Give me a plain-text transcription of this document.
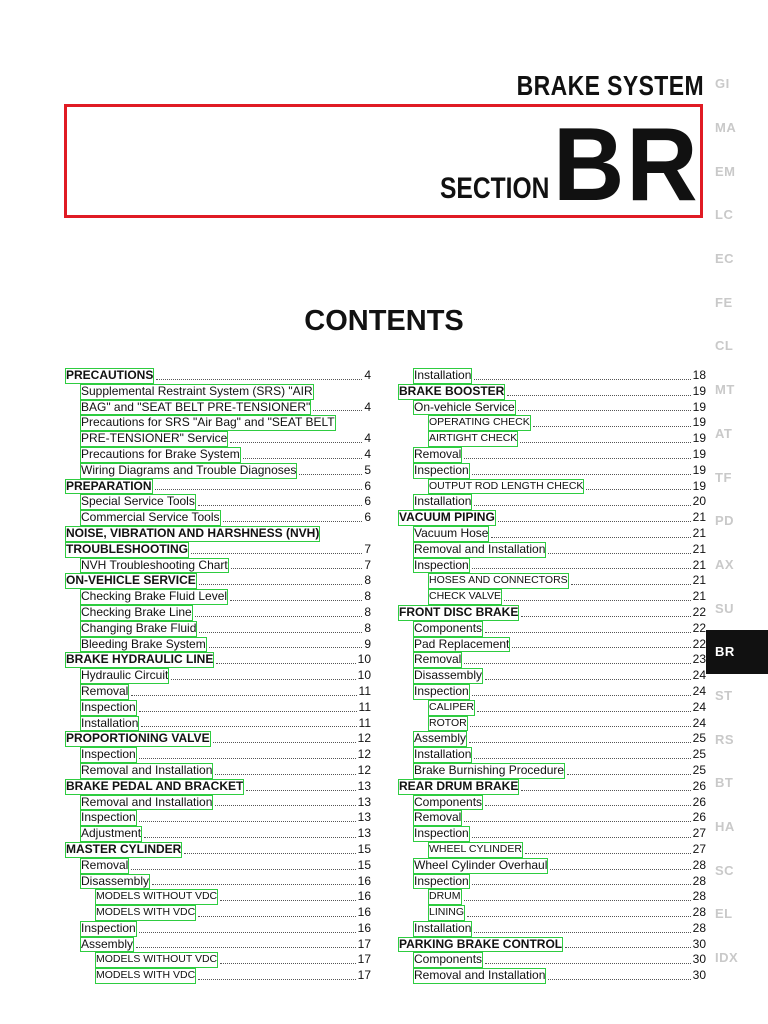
BRAKE SYSTEM
SECTION BR
CONTENTS
PRECAUTIONS	4
Supplemental Restraint System (SRS) "AIR
BAG" and "SEAT BELT PRE-TENSIONER"	4
Precautions for SRS "Air Bag" and "SEAT BELT
PRE-TENSIONER" Service	4
Precautions for Brake System	4
Wiring Diagrams and Trouble Diagnoses	5
PREPARATION	6
Special Service Tools	6
Commercial Service Tools	6
NOISE, VIBRATION AND HARSHNESS (NVH)
TROUBLESHOOTING	7
NVH Troubleshooting Chart	7
ON-VEHICLE SERVICE	8
Checking Brake Fluid Level	8
Checking Brake Line	8
Changing Brake Fluid	8
Bleeding Brake System	9
BRAKE HYDRAULIC LINE	10
Hydraulic Circuit	10
Removal	11
Inspection	11
Installation	11
PROPORTIONING VALVE	12
Inspection	12
Removal and Installation	12
BRAKE PEDAL AND BRACKET	13
Removal and Installation	13
Inspection	13
Adjustment	13
MASTER CYLINDER	15
Removal	15
Disassembly	16
MODELS WITHOUT VDC	16
MODELS WITH VDC	16
Inspection	16
Assembly	17
MODELS WITHOUT VDC	17
MODELS WITH VDC	17
Installation	18
BRAKE BOOSTER	19
On-vehicle Service	19
OPERATING CHECK	19
AIRTIGHT CHECK	19
Removal	19
Inspection	19
OUTPUT ROD LENGTH CHECK	19
Installation	20
VACUUM PIPING	21
Vacuum Hose	21
Removal and Installation	21
Inspection	21
HOSES AND CONNECTORS	21
CHECK VALVE	21
FRONT DISC BRAKE	22
Components	22
Pad Replacement	22
Removal	23
Disassembly	24
Inspection	24
CALIPER	24
ROTOR	24
Assembly	25
Installation	25
Brake Burnishing Procedure	25
REAR DRUM BRAKE	26
Components	26
Removal	26
Inspection	27
WHEEL CYLINDER	27
Wheel Cylinder Overhaul	28
Inspection	28
DRUM	28
LINING	28
Installation	28
PARKING BRAKE CONTROL	30
Components	30
Removal and Installation	30
GI
MA
EM
LC
EC
FE
CL
MT
AT
TF
PD
AX
SU
BR
ST
RS
BT
HA
SC
EL
IDX
